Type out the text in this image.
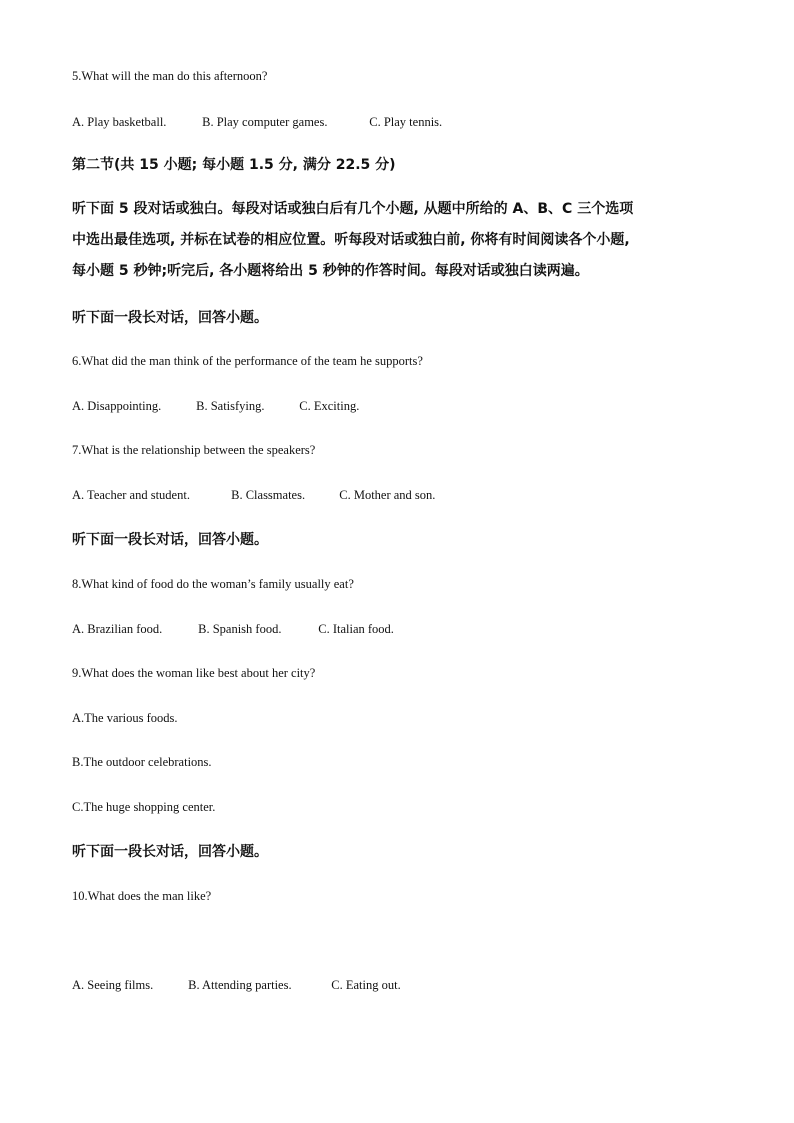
5.What will the man do this afternoon?
A. Play basketball.	B. Play computer games.	C. Play tennis.
第二节(共 15 小题; 每小题 1.5 分, 满分 22.5 分)
听下面 5 段对话或独白。每段对话或独白后有几个小题, 从题中所给的 A、B、C 三个选项
中选出最佳选项, 并标在试卷的相应位置。听每段对话或独白前, 你将有时间阅读各个小题,
每小题 5 秒钟;听完后, 各小题将给出 5 秒钟的作答时间。每段对话或独白读两遍。
听下面一段长对话，回答小题。
6.What did the man think of the performance of the team he supports?
A. Disappointing.	B. Satisfying.	C. Exciting.
7.What is the relationship between the speakers?
A. Teacher and student.	B. Classmates.	C. Mother and son.
听下面一段长对话，回答小题。
8.What kind of food do the woman’s family usually eat?
A. Brazilian food.	B. Spanish food.	C. Italian food.
9.What does the woman like best about her city?
A.The various foods.
B.The outdoor celebrations.
C.The huge shopping center.
听下面一段长对话，回答小题。
10.What does the man like?
A. Seeing films.	B. Attending parties.	C. Eating out.
